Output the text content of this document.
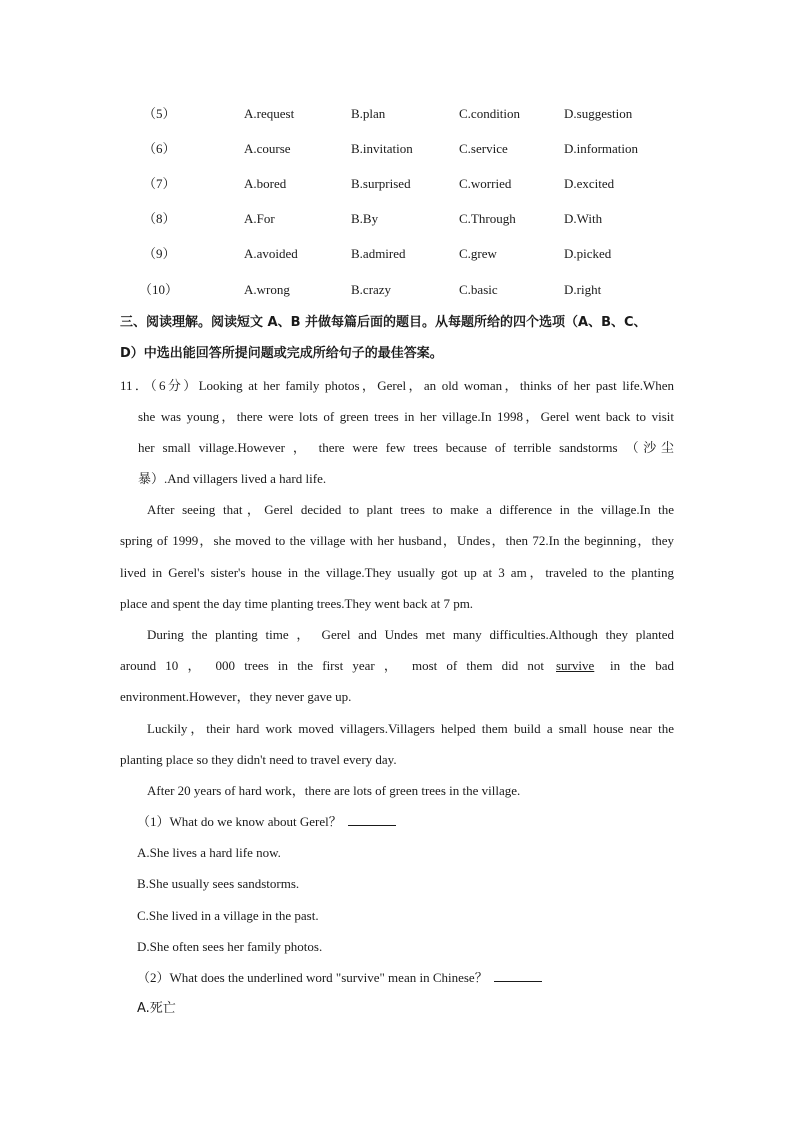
（5）	A.request	B.plan	C.condition	D.suggestion
（6）	A.course	B.invitation	C.service	D.information
（7）	A.bored	B.surprised	C.worried	D.excited
（8）	A.For	B.By	C.Through	D.With
（9）	A.avoided	B.admired	C.grew	D.picked
（10）	A.wrong	B.crazy	C.basic	D.right
三、阅读理解。阅读短文 A、B 并做每篇后面的题目。从每题所给的四个选项（A、B、C、
D）中选出能回答所提问题或完成所给句子的最佳答案。
11．（6分）Looking at her family photos，Gerel，an old woman，thinks of her past life.When
she was young，there were lots of green trees in her village.In 1998，Gerel went back to visit
her small village.However ， there were few trees because of terrible sandstorms （沙尘
暴）.And villagers lived a hard life.
After seeing that，Gerel decided to plant trees to make a difference in the village.In the
spring of 1999，she moved to the village with her husband，Undes，then 72.In the beginning，they
lived in Gerel's sister's house in the village.They usually got up at 3 am，traveled to the planting
place and spent the day time planting trees.They went back at 7 pm.
During the planting time ， Gerel and Undes met many difficulties.Although they planted
around 10 ， 000 trees in the first year ， most of them did not survive in the bad
environment.However，they never gave up.
Luckily，their hard work moved villagers.Villagers helped them build a small house near the
planting place so they didn't need to travel every day.
After 20 years of hard work，there are lots of green trees in the village.
（1）What do we know about Gerel？
A.She lives a hard life now.
B.She usually sees sandstorms.
C.She lived in a village in the past.
D.She often sees her family photos.
（2）What does the underlined word "survive" mean in Chinese？
A.死亡
